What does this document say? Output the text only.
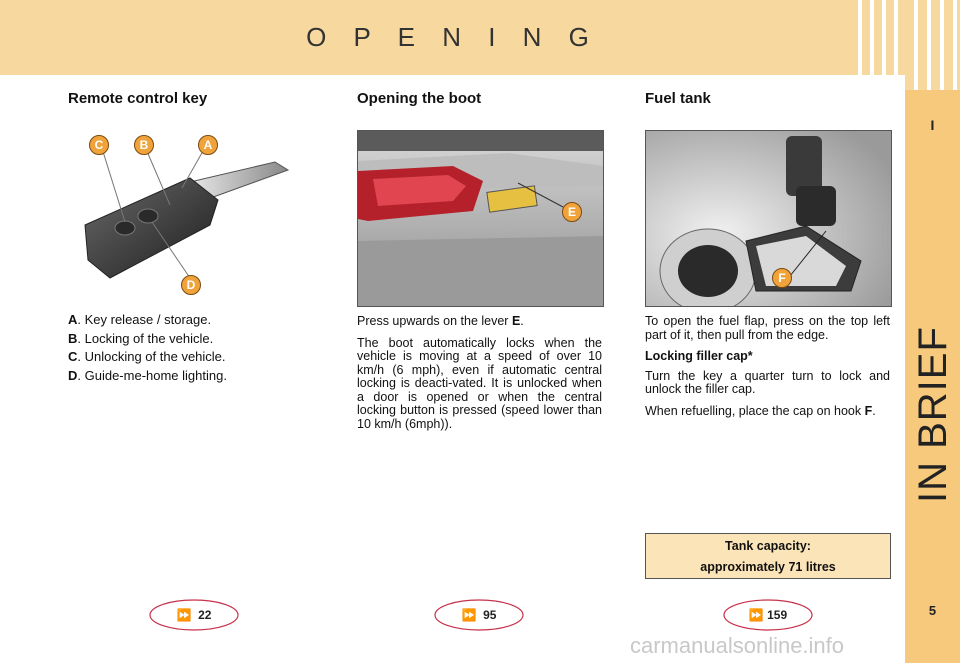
O P E N I N G
I
5
Remote control key
C	B	A
D
A. Key release / storage.
B. Locking of the vehicle.
C. Unlocking of the vehicle.
D. Guide-me-home lighting.
Opening the boot
E

Press upwards on the lever E.

The boot automatically locks when the vehicle is moving at a speed of over 10 km/h (6 mph), even if automatic central locking is deacti-vated. It is unlocked when a door is opened or when the central locking button is pressed (speed lower than 10 km/h (6mph)).

Fuel tank
F

To open the fuel flap, press on the top left part of it, then pull from the edge.

Locking filler cap*

Turn the key a quarter turn to lock and unlock the filler cap.

When refuelling, place the cap on hook F.

Tank capacity:
approximately 71 litres
⏩ 22	⏩ 95	⏩ 159
carmanualsonline.info
